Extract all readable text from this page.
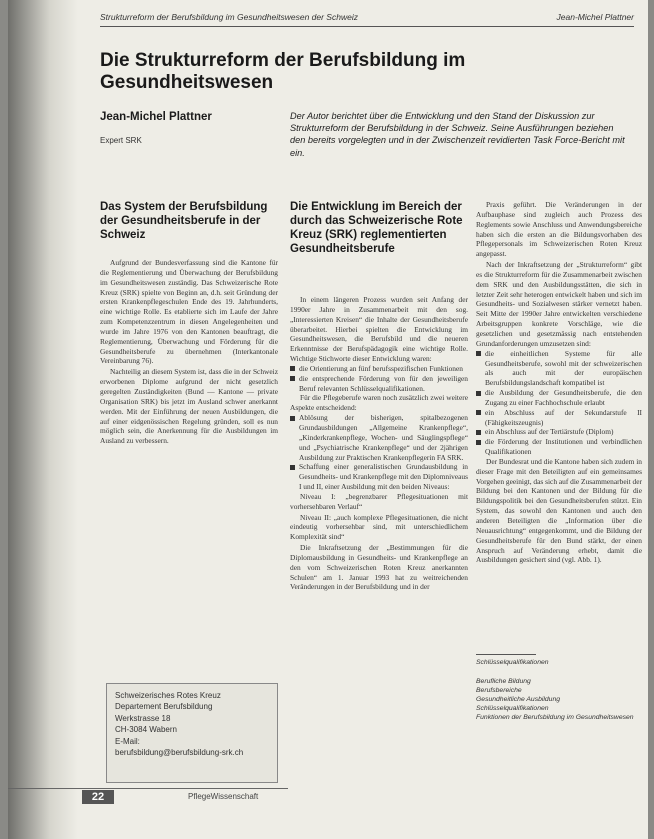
Strukturreform der Berufsbildung im Gesundheitswesen der Schweiz	Jean-Michel Plattner
Die Strukturreform der Berufsbildung im Gesundheitswesen
Jean-Michel Plattner
Expert SRK
Der Autor berichtet über die Entwicklung und den Stand der Diskussion zur Strukturreform der Berufsbildung in der Schweiz. Seine Ausführungen beziehen den bereits vorgelegten und in der Zwischenzeit revidierten Task Force-Bericht mit ein.
Das System der Berufsbildung der Gesundheitsberufe in der Schweiz

Aufgrund der Bundesverfassung sind die Kantone für die Reglementierung und Überwachung der Berufsbildung im Gesundheitswesen zuständig. Das Schweizerische Rote Kreuz (SRK) spielte von Beginn an, d.h. seit Gründung der ersten Krankenpflegeschulen Ende des 19. Jahrhunderts, eine wichtige Rolle. Es etablierte sich im Laufe der Jahre zum Kompetenzzentrum in diesen Angelegenheiten und wurde im Jahre 1976 von den Kantonen beauftragt, die Reglementierung, Überwachung und Förderung für die Gesundheitsberufe zu übernehmen (Interkantonale Vereinbarung 76).

Nachteilig an diesem System ist, dass die in der Schweiz erworbenen Diplome aufgrund der nicht gesetzlich geregelten Zuständigkeiten (Bund — Kantone — private Organisation SRK) bis jetzt im Ausland schwer anerkannt werden. Mit der Einführung der neuen Ausbildungen, die auf einer eidgenössischen Regelung gründen, soll es nun möglich sein, die Anerkennung für die Ausbildungen im Ausland zu verbessern.

Die Entwicklung im Bereich der durch das Schweizerische Rote Kreuz (SRK) reglementierten Gesundheitsberufe

In einem längeren Prozess wurden seit Anfang der 1990er Jahre in Zusammenarbeit mit den sog. „Interessierten Kreisen“ die Inhalte der Gesundheitsberufe überarbeitet. Hierbei spielten die Entwicklung im Gesundheitswesen, die Berufsbild und die neueren Erkenntnisse der Berufspädagogik eine wichtige Rolle. Wichtige Stichworte dieser Entwicklung waren:

die Orientierung an fünf berufsspezifischen Funktionen
die entsprechende Förderung von für den jeweiligen Beruf relevanten Schlüsselqualifikationen.

Für die Pflegeberufe waren noch zusätzlich zwei weitere Aspekte entscheidend:

Ablösung der bisherigen, spitalbezogenen Grundausbildungen „Allgemeine Krankenpflege“, „Kinderkrankenpflege, Wochen- und Säuglingspflege“ und „Psychiatrische Krankenpflege“ und der 2jährigen Ausbildung zur Praktischen Krankenpflegerin FA SRK.
Schaffung einer generalistischen Grundausbildung in Gesundheits- und Krankenpflege mit den Diplomniveaus I und II, einer Ausbildung mit den beiden Niveaus:

Niveau I: „begrenzbarer Pflegesituationen mit vorhersehbaren Verlauf“

Niveau II: „auch komplexe Pflegesituationen, die nicht eindeutig vorhersehbar sind, mit unterschiedlichem Komplexität sind“

Die Inkraftsetzung der „Bestimmungen für die Diplomausbildung in Gesundheits- und Krankenpflege an den vom Schweizerischen Roten Kreuz anerkannten Schulen“ am 1. Januar 1993 hat zu weitreichenden Veränderungen in der Berufsbildung und in der

Praxis geführt. Die Veränderungen in der Aufbauphase sind zugleich auch Prozess des Reglements sowie Anschluss und Anwendungsbereiche haben sich die ersten an die Bildungsvorhaben des Pflegepersonals im Schweizerischen Roten Kreuz angepasst.

Nach der Inkraftsetzung der „Strukturreform“ gibt es die Strukturreform für die Zusammenarbeit zwischen dem SRK und den Ausbildungsstätten, die sich in letzter Zeit sehr heterogen entwickelt haben und sich im Gesundheits- und Sozialwesen stärker vernetzt haben. Seit Mitte der 1990er Jahre entwickelten verschiedene Arbeitsgruppen konkrete Vorschläge, wie die gesetzlichen und gesetzmässig nach entstehenden Grundanforderungen umzusetzen sind:

die einheitlichen Systeme für alle Gesundheitsberufe, sowohl mit der schweizerischen als auch mit der europäischen Berufsbildungslandschaft kompatibel ist
die Ausbildung der Gesundheitsberufe, die den Zugang zu einer Fachhochschule erlaubt
ein Abschluss auf der Sekundarstufe II (Fähigkeitszeugnis)
ein Abschluss auf der Tertiärstufe (Diplom)
die Förderung der Institutionen und verbindlichen Qualifikationen

Der Bundesrat und die Kantone haben sich zudem in dieser Frage mit den Beteiligten auf ein gemeinsames Vorgehen geeinigt, das sich auf die Zusammenarbeit der Bildung bei den Kantonen und der Bildung für die Bildungspolitik bei den Gesundheitsberufen stützt. Ein System, das sowohl den Kantonen und auch den anderen Beteiligten die „Information über die Neuausrichtung“ entgegenkommt, und die Bildung der Gesundheitsberufe für den Bund stärkt, der einen Anspruch auf Veränderung erhebt, damit die Ausbildungen gesichert sind (vgl. Abb. 1).

Schweizerisches Rotes Kreuz
Departement Berufsbildung
Werkstrasse 18
CH-3084 Wabern
E-Mail:
berufsbildung@berufsbildung-srk.ch
Schlüsselqualifikationen
Berufliche Bildung
Berufsbereiche
Gesundheitliche Ausbildung
Schlüsselqualifikationen
Funktionen der Berufsbildung im Gesundheitswesen
22	PflegeWissenschaft
